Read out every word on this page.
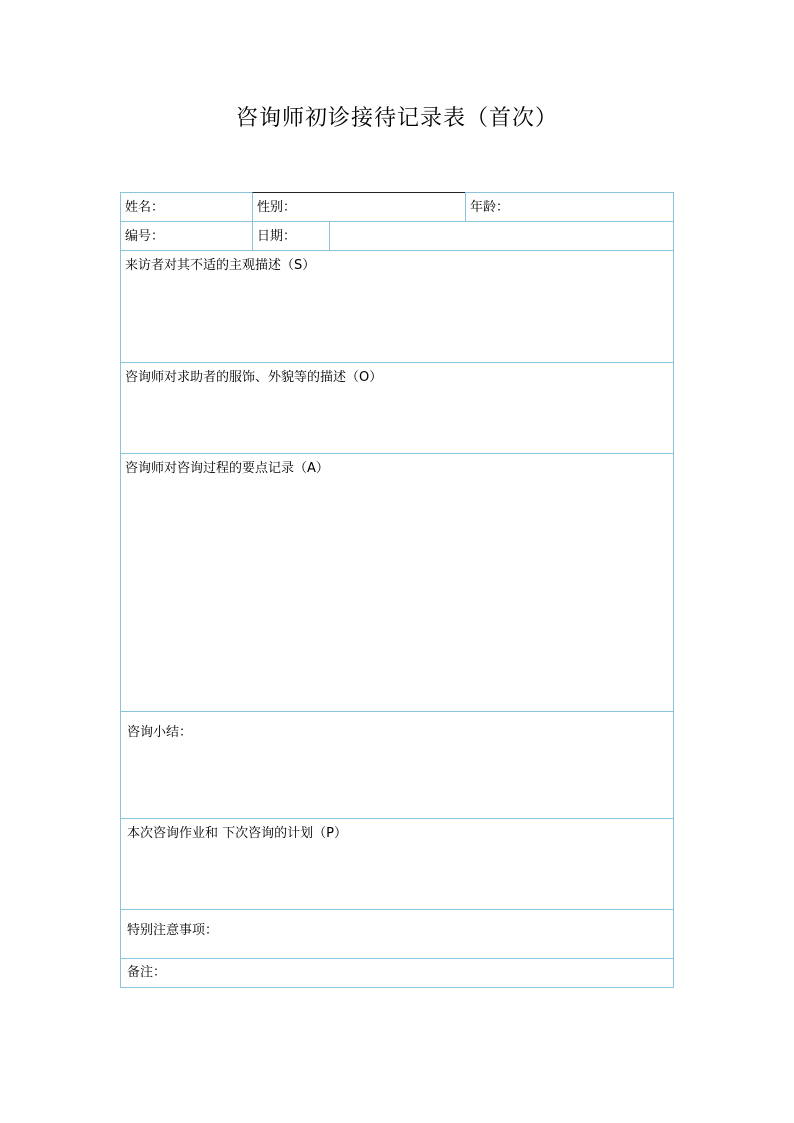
咨询师初诊接待记录表（首次）
姓名：	性别：	年龄：
编号：	日期：
来访者对其不适的主观描述（S）
咨询师对求助者的服饰、外貌等的描述（O）
咨询师对咨询过程的要点记录（A）
咨询小结：
本次咨询作业和 下次咨询的计划（P）
特别注意事项：
备注：
